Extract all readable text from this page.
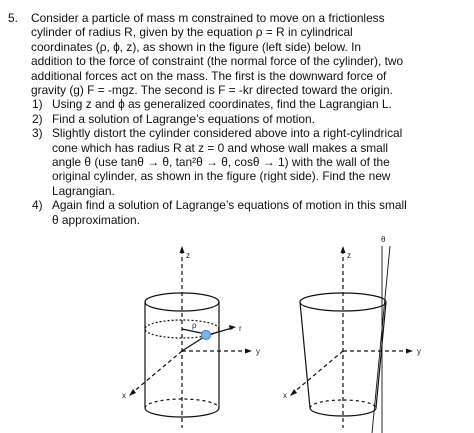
5. Consider a particle of mass m constrained to move on a frictionless
cylinder of radius R, given by the equation ρ = R in cylindrical
coordinates (ρ, ϕ, z), as shown in the figure (left side) below. In
addition to the force of constraint (the normal force of the cylinder), two
additional forces act on the mass. The first is the downward force of
gravity (g) F = -mgz. The second is F = -kr directed toward the origin.
1) Using z and ϕ as generalized coordinates, find the Lagrangian L.
2) Find a solution of Lagrange’s equations of motion.
3) Slightly distort the cylinder considered above into a right-cylindrical
cone which has radius R at z = 0 and whose wall makes a small
angle θ (use tanθ → θ, tan²θ → θ, cosθ → 1) with the wall of the
original cylinder, as shown in the figure (right side). Find the new
Lagrangian.
4) Again find a solution of Lagrange’s equations of motion in this small
θ approximation.
z
y
x
ρ	r
z
y
x
θ
